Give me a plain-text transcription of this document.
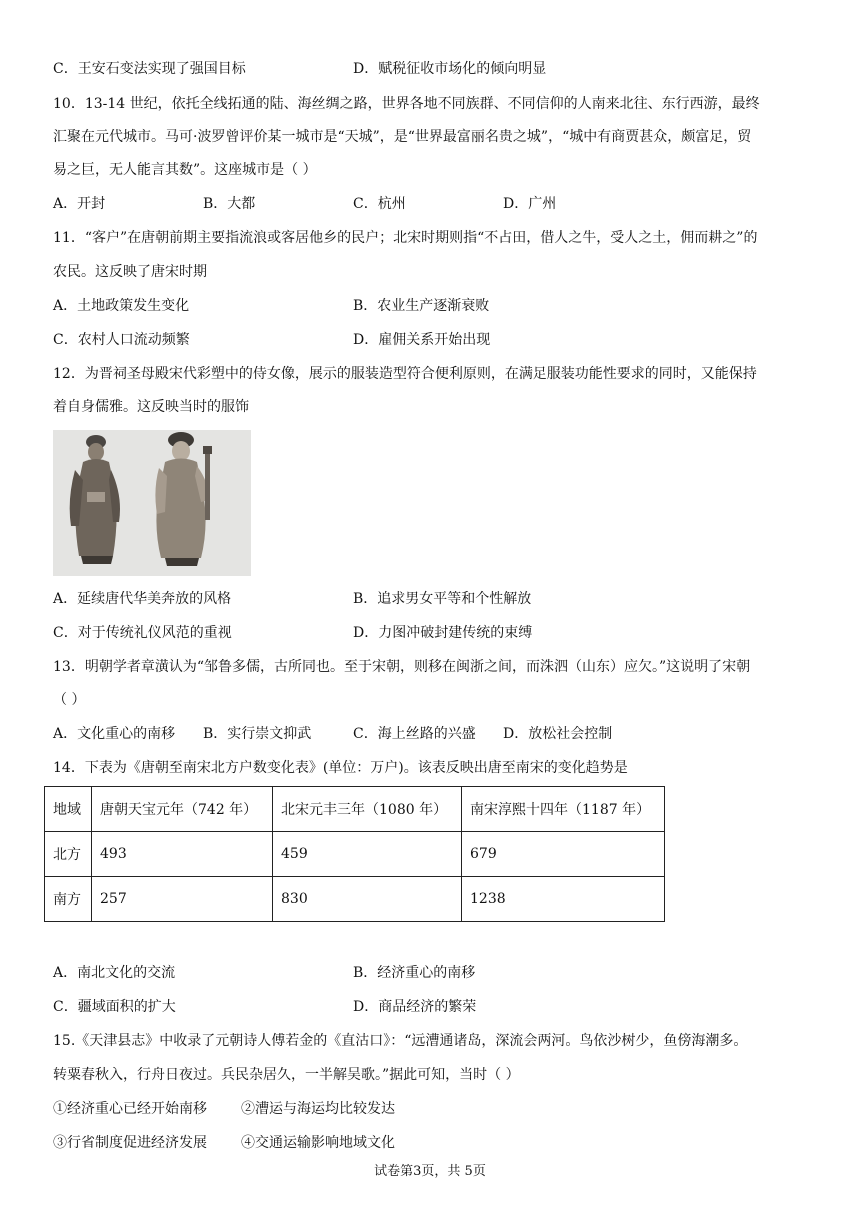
C．王安石变法实现了强国目标	D．赋税征收市场化的倾向明显
10．13-14 世纪，依托全线拓通的陆、海丝绸之路，世界各地不同族群、不同信仰的人南来北往、东行西游，最终
汇聚在元代城市。马可·波罗曾评价某一城市是“天城”，是“世界最富丽名贵之城”，“城中有商贾甚众，颇富足，贸
易之巨，无人能言其数”。这座城市是（ ）
A．开封	B．大都	C．杭州	D．广州
11．“客户”在唐朝前期主要指流浪或客居他乡的民户；北宋时期则指“不占田，借人之牛，受人之土，佣而耕之”的
农民。这反映了唐宋时期
A．土地政策发生变化	B．农业生产逐渐衰败
C．农村人口流动频繁	D．雇佣关系开始出现
12．为晋祠圣母殿宋代彩塑中的侍女像，展示的服装造型符合便利原则，在满足服装功能性要求的同时，又能保持
着自身儒雅。这反映当时的服饰
A．延续唐代华美奔放的风格	B．追求男女平等和个性解放
C．对于传统礼仪风范的重视	D．力图冲破封建传统的束缚
13．明朝学者章潢认为“邹鲁多儒，古所同也。至于宋朝，则移在闽浙之间，而洙泗（山东）应欠。”这说明了宋朝
（ ）
A．文化重心的南移 B．实行崇文抑武	C．海上丝路的兴盛 D．放松社会控制
14．下表为《唐朝至南宋北方户数变化表》(单位：万户)。该表反映出唐至南宋的变化趋势是
地域	唐朝天宝元年（742 年）	北宋元丰三年（1080 年）	南宋淳熙十四年（1187 年）
北方	493	459	679
南方	257	830	1238
A．南北文化的交流	B．经济重心的南移
C．疆域面积的扩大	D．商品经济的繁荣
15.《天津县志》中收录了元朝诗人傅若金的《直沽口》：“远漕通诸岛，深流会两河。鸟依沙树少，鱼傍海潮多。
转粟春秋入，行舟日夜过。兵民杂居久，一半解吴歌。”据此可知，当时（ ）
①经济重心已经开始南移 ②漕运与海运均比较发达
③行省制度促进经济发展 ④交通运输影响地域文化
试卷第3页，共 5页
